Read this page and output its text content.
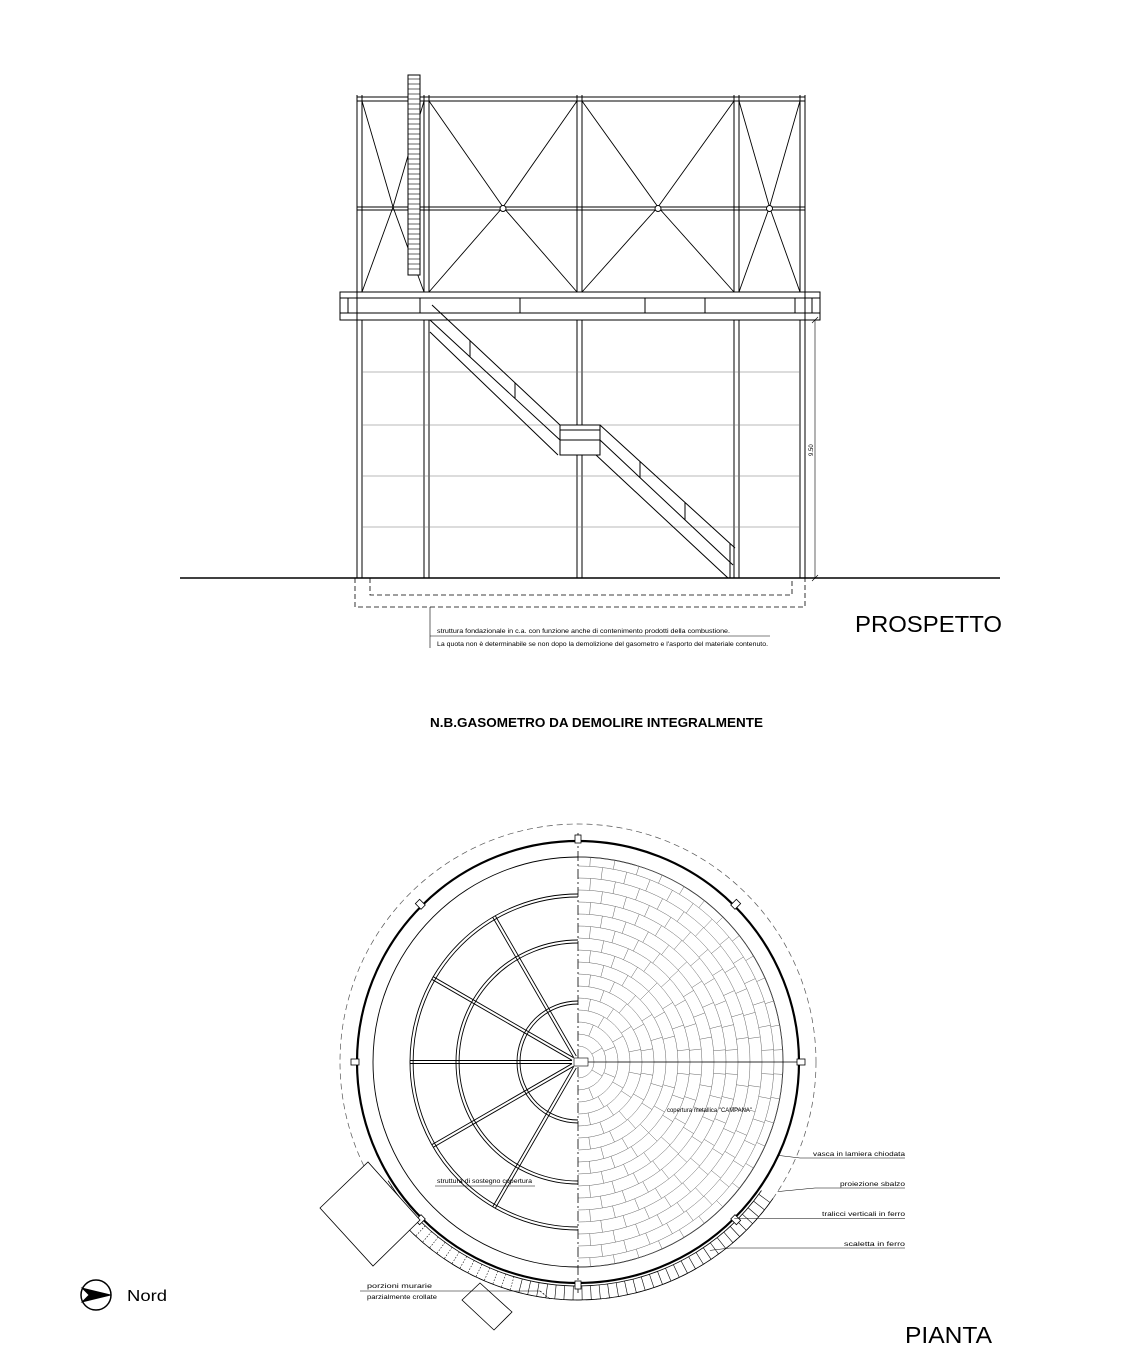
9.50
struttura fondazionale in c.a. con funzione anche di contenimento prodotti della combustione.
La quota non è determinabile se non dopo la demolizione del gasometro e l'asporto del materiale contenuto.
PROSPETTO
N.B.GASOMETRO DA DEMOLIRE INTEGRALMENTE
copertura metallica "CAMPANA"
struttura di sostegno copertura
vasca in lamiera chiodata
proiezione sbalzo
tralicci verticali in ferro
scaletta in ferro
porzioni murarie
parzialmente crollate
PIANTA
Nord
